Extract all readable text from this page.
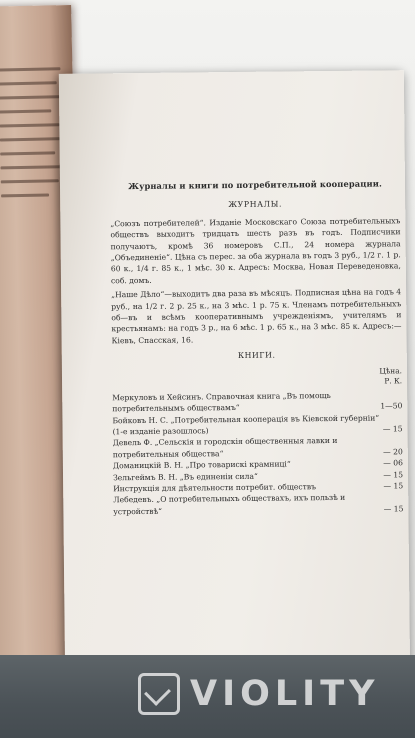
Журналы и книги по потребительной кооперации.
ЖУРНАЛЫ.
„Союзъ потребителей“. Изданіе Московскаго Союза потребительныхъ обществъ выходитъ тридцать шесть разъ въ годъ. Подписчики получаютъ, кромѣ 36 номеровъ С.П., 24 номера журнала „Объединеніе“. Цѣна съ перес. за оба журнала въ годъ 3 руб., 1/2 г. 1 р. 60 к., 1/4 г. 85 к., 1 мѣс. 30 к. Адресъ: Москва, Новая Переведеновка, соб. домъ.
„Наше Дѣло“—выходитъ два раза въ мѣсяцъ. Подписная цѣна на годъ 4 руб., на 1/2 г. 2 р. 25 к., на 3 мѣс. 1 р. 75 к. Членамъ потребительныхъ об—въ и всѣмъ кооперативнымъ учрежденіямъ, учителямъ и крестьянамъ: на годъ 3 р., на 6 мѣс. 1 р. 65 к., на 3 мѣс. 85 к. Адресъ:—Кіевъ, Спасская, 16.
КНИГИ.
Цѣна.
Р. К.
Меркуловъ и Хейсинъ. Справочная книга „Въ помощь потребительнымъ обществамъ“	1—50
Бойковъ Н. С. „Потребительная кооперація въ Кіевской губерніи“ (1-е изданіе разошлось)	— 15
Девель Ф. „Сельскія и городскія общественныя лавки и потребительныя общества“	— 20
Доманицкій В. Н. „Про товарискі крамниці“	— 06
Зельгеймъ В. Н. „Въ единеніи сила“	— 15
Инструкція для дѣятельности потребит. обществъ	— 15
Лебедевъ. „О потребительныхъ обществахъ, ихъ пользѣ и устройствѣ“	— 15
VIOLITY
